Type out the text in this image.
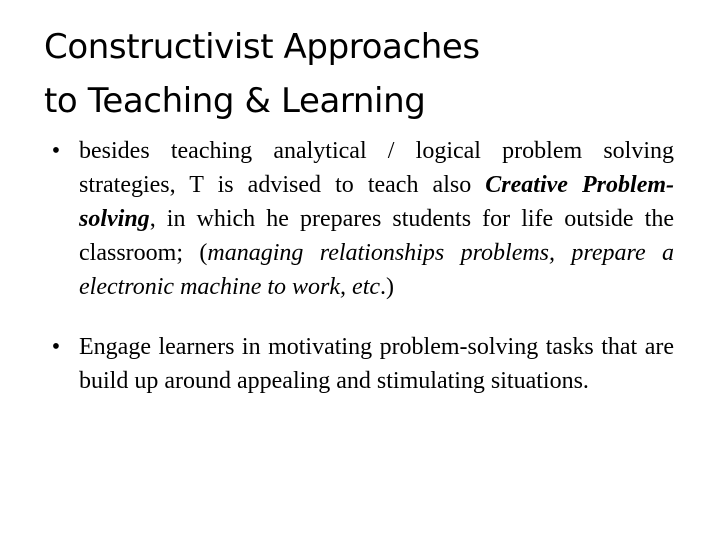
Constructivist Approaches
to Teaching & Learning
• besides teaching analytical / logical problem solving strategies, T is advised to teach also Creative Problem-solving, in which he prepares students for life outside the classroom; (managing relationships problems, prepare a electronic machine to work, etc.)
• Engage learners in motivating problem-solving tasks that are build up around appealing and stimulating situations.
